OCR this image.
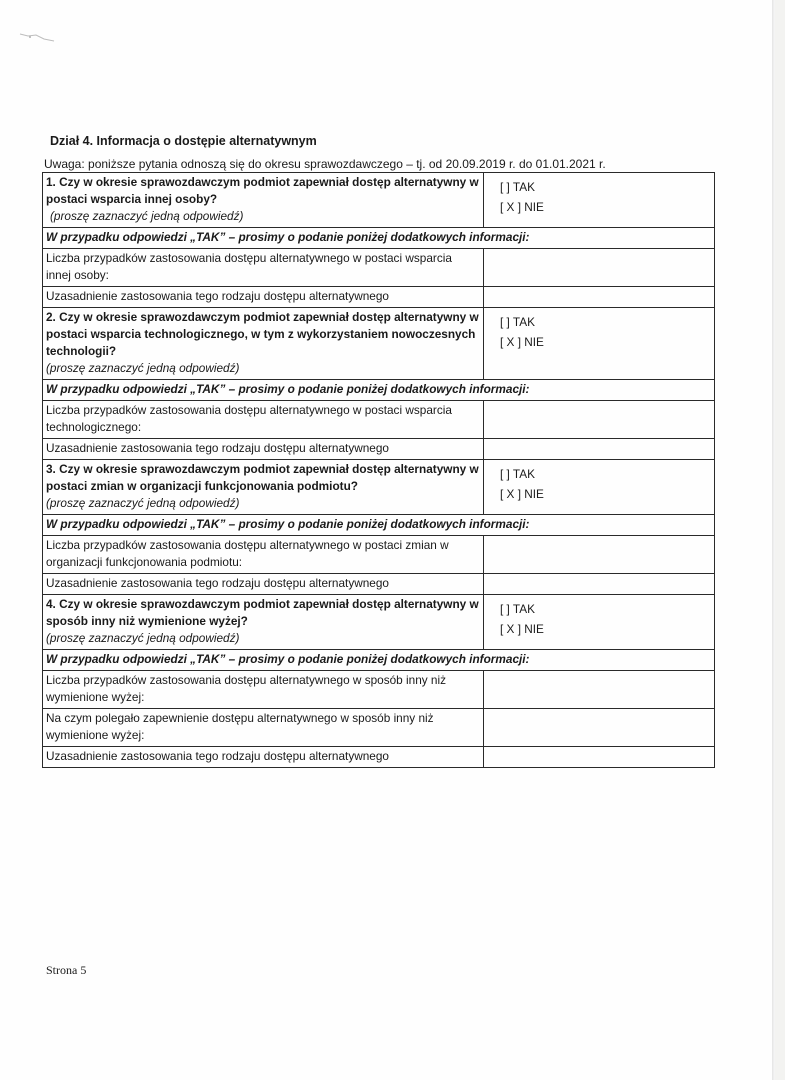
Dział 4. Informacja o dostępie alternatywnym
Uwaga: poniższe pytania odnoszą się do okresu sprawozdawczego – tj. od 20.09.2019 r. do 01.01.2021 r.
1. Czy w okresie sprawozdawczym podmiot zapewniał dostęp alternatywny w postaci wsparcia innej osoby?
(proszę zaznaczyć jedną odpowiedź)	[ ] TAK
[ X ] NIE

W przypadku odpowiedzi „TAK” – prosimy o podanie poniżej dodatkowych informacji:	
Liczba przypadków zastosowania dostępu alternatywnego w postaci wsparcia innej osoby:	
Uzasadnienie zastosowania tego rodzaju dostępu alternatywnego	
2. Czy w okresie sprawozdawczym podmiot zapewniał dostęp alternatywny w postaci wsparcia technologicznego, w tym z wykorzystaniem nowoczesnych technologii?
(proszę zaznaczyć jedną odpowiedź)	[ ] TAK
[ X ] NIE

W przypadku odpowiedzi „TAK” – prosimy o podanie poniżej dodatkowych informacji:	
Liczba przypadków zastosowania dostępu alternatywnego w postaci wsparcia technologicznego:	
Uzasadnienie zastosowania tego rodzaju dostępu alternatywnego	
3. Czy w okresie sprawozdawczym podmiot zapewniał dostęp alternatywny w postaci zmian w organizacji funkcjonowania podmiotu?
(proszę zaznaczyć jedną odpowiedź)	[ ] TAK
[ X ] NIE

W przypadku odpowiedzi „TAK” – prosimy o podanie poniżej dodatkowych informacji:	
Liczba przypadków zastosowania dostępu alternatywnego w postaci zmian w organizacji funkcjonowania podmiotu:	
Uzasadnienie zastosowania tego rodzaju dostępu alternatywnego	
4. Czy w okresie sprawozdawczym podmiot zapewniał dostęp alternatywny w sposób inny niż wymienione wyżej?
(proszę zaznaczyć jedną odpowiedź)	[ ] TAK
[ X ] NIE

W przypadku odpowiedzi „TAK” – prosimy o podanie poniżej dodatkowych informacji:	
Liczba przypadków zastosowania dostępu alternatywnego w sposób inny niż wymienione wyżej:	
Na czym polegało zapewnienie dostępu alternatywnego w sposób inny niż wymienione wyżej:	
Uzasadnienie zastosowania tego rodzaju dostępu alternatywnego	
Strona 5
